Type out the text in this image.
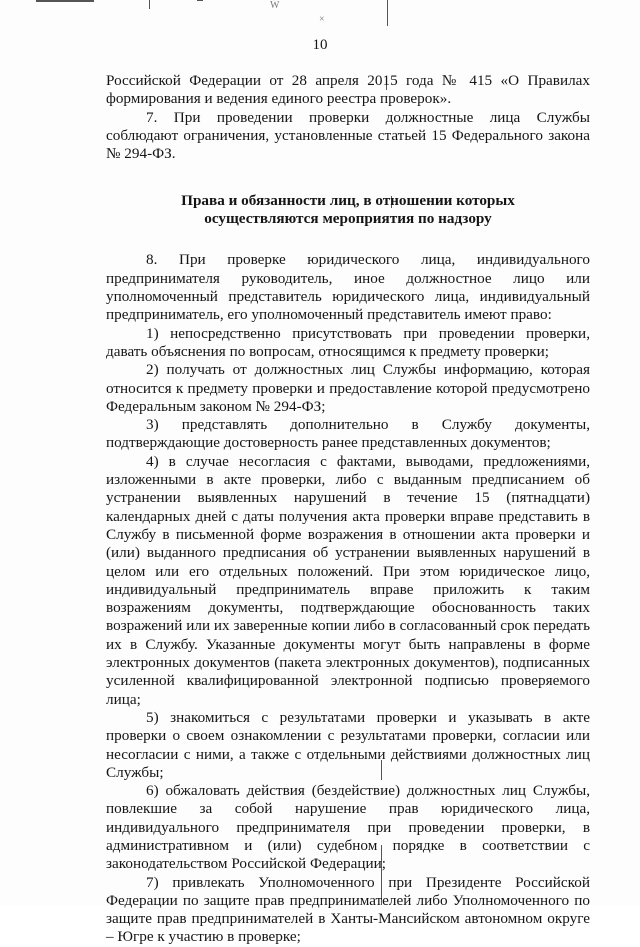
Ŵ
×
10

Российской Федерации от 28 апреля 2015 года № 415 «О Правилах формирования и ведения единого реестра проверок».

7. При проведении проверки должностные лица Службы соблюдают ограничения, установленные статьей 15 Федерального закона № 294-ФЗ.

Права и обязанности лиц, в отношении которых
осуществляются мероприятия по надзору

8. При проверке юридического лица, индивидуального предпринимателя руководитель, иное должностное лицо или уполномоченный представитель юридического лица, индивидуальный предприниматель, его уполномоченный представитель имеют право:

1) непосредственно присутствовать при проведении проверки, давать объяснения по вопросам, относящимся к предмету проверки;

2) получать от должностных лиц Службы информацию, которая относится к предмету проверки и предоставление которой предусмотрено Федеральным законом № 294-ФЗ;

3) представлять дополнительно в Службу документы, подтверждающие достоверность ранее представленных документов;

4) в случае несогласия с фактами, выводами, предложениями, изложенными в акте проверки, либо с выданным предписанием об устранении выявленных нарушений в течение 15 (пятнадцати) календарных дней с даты получения акта проверки вправе представить в Службу в письменной форме возражения в отношении акта проверки и (или) выданного предписания об устранении выявленных нарушений в целом или его отдельных положений. При этом юридическое лицо, индивидуальный предприниматель вправе приложить к таким возражениям документы, подтверждающие обоснованность таких возражений или их заверенные копии либо в согласованный срок передать их в Службу. Указанные документы могут быть направлены в форме электронных документов (пакета электронных документов), подписанных усиленной квалифицированной электронной подписью проверяемого лица;

5) знакомиться с результатами проверки и указывать в акте проверки о своем ознакомлении с результатами проверки, согласии или несогласии с ними, а также с отдельными действиями должностных лиц Службы;

6) обжаловать действия (бездействие) должностных лиц Службы, повлекшие за собой нарушение прав юридического лица, индивидуального предпринимателя при проведении проверки, в административном и (или) судебном порядке в соответствии с законодательством Российской Федерации;

7) привлекать Уполномоченного при Президенте Российской Федерации по защите прав предпринимателей либо Уполномоченного по защите прав предпринимателей в Ханты-Мансийском автономном округе – Югре к участию в проверке;
